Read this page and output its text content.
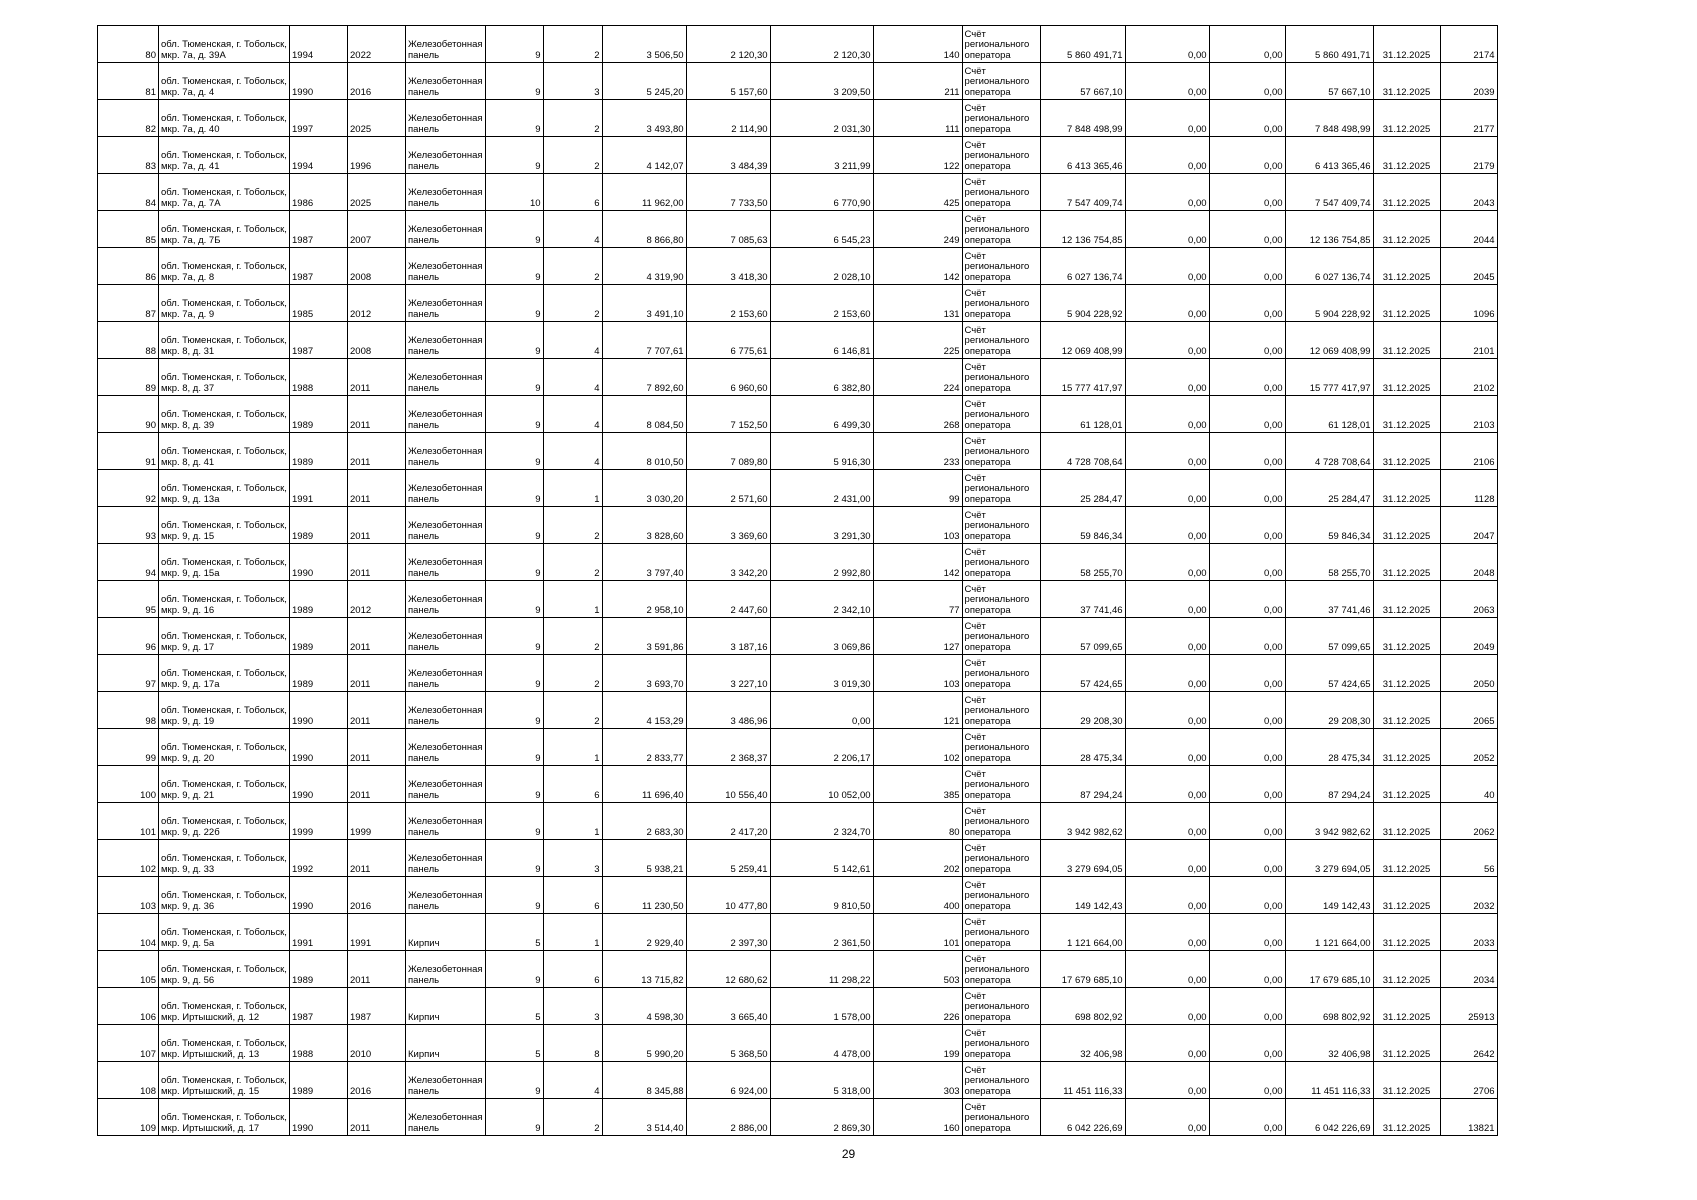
80	обл. Тюменская, г. Тобольск, мкр. 7а, д. 39А	1994	2022	Железобетонная панель	9	2	3 506,50	2 120,30	2 120,30	140	Счёт регионального оператора	5 860 491,71	0,00	0,00	5 860 491,71	31.12.2025	2174
81	обл. Тюменская, г. Тобольск, мкр. 7а, д. 4	1990	2016	Железобетонная панель	9	3	5 245,20	5 157,60	3 209,50	211	Счёт регионального оператора	57 667,10	0,00	0,00	57 667,10	31.12.2025	2039
82	обл. Тюменская, г. Тобольск, мкр. 7а, д. 40	1997	2025	Железобетонная панель	9	2	3 493,80	2 114,90	2 031,30	111	Счёт регионального оператора	7 848 498,99	0,00	0,00	7 848 498,99	31.12.2025	2177
83	обл. Тюменская, г. Тобольск, мкр. 7а, д. 41	1994	1996	Железобетонная панель	9	2	4 142,07	3 484,39	3 211,99	122	Счёт регионального оператора	6 413 365,46	0,00	0,00	6 413 365,46	31.12.2025	2179
84	обл. Тюменская, г. Тобольск, мкр. 7а, д. 7А	1986	2025	Железобетонная панель	10	6	11 962,00	7 733,50	6 770,90	425	Счёт регионального оператора	7 547 409,74	0,00	0,00	7 547 409,74	31.12.2025	2043
85	обл. Тюменская, г. Тобольск, мкр. 7а, д. 7Б	1987	2007	Железобетонная панель	9	4	8 866,80	7 085,63	6 545,23	249	Счёт регионального оператора	12 136 754,85	0,00	0,00	12 136 754,85	31.12.2025	2044
86	обл. Тюменская, г. Тобольск, мкр. 7а, д. 8	1987	2008	Железобетонная панель	9	2	4 319,90	3 418,30	2 028,10	142	Счёт регионального оператора	6 027 136,74	0,00	0,00	6 027 136,74	31.12.2025	2045
87	обл. Тюменская, г. Тобольск, мкр. 7а, д. 9	1985	2012	Железобетонная панель	9	2	3 491,10	2 153,60	2 153,60	131	Счёт регионального оператора	5 904 228,92	0,00	0,00	5 904 228,92	31.12.2025	1096
88	обл. Тюменская, г. Тобольск, мкр. 8, д. 31	1987	2008	Железобетонная панель	9	4	7 707,61	6 775,61	6 146,81	225	Счёт регионального оператора	12 069 408,99	0,00	0,00	12 069 408,99	31.12.2025	2101
89	обл. Тюменская, г. Тобольск, мкр. 8, д. 37	1988	2011	Железобетонная панель	9	4	7 892,60	6 960,60	6 382,80	224	Счёт регионального оператора	15 777 417,97	0,00	0,00	15 777 417,97	31.12.2025	2102
90	обл. Тюменская, г. Тобольск, мкр. 8, д. 39	1989	2011	Железобетонная панель	9	4	8 084,50	7 152,50	6 499,30	268	Счёт регионального оператора	61 128,01	0,00	0,00	61 128,01	31.12.2025	2103
91	обл. Тюменская, г. Тобольск, мкр. 8, д. 41	1989	2011	Железобетонная панель	9	4	8 010,50	7 089,80	5 916,30	233	Счёт регионального оператора	4 728 708,64	0,00	0,00	4 728 708,64	31.12.2025	2106
92	обл. Тюменская, г. Тобольск, мкр. 9, д. 13а	1991	2011	Железобетонная панель	9	1	3 030,20	2 571,60	2 431,00	99	Счёт регионального оператора	25 284,47	0,00	0,00	25 284,47	31.12.2025	1128
93	обл. Тюменская, г. Тобольск, мкр. 9, д. 15	1989	2011	Железобетонная панель	9	2	3 828,60	3 369,60	3 291,30	103	Счёт регионального оператора	59 846,34	0,00	0,00	59 846,34	31.12.2025	2047
94	обл. Тюменская, г. Тобольск, мкр. 9, д. 15а	1990	2011	Железобетонная панель	9	2	3 797,40	3 342,20	2 992,80	142	Счёт регионального оператора	58 255,70	0,00	0,00	58 255,70	31.12.2025	2048
95	обл. Тюменская, г. Тобольск, мкр. 9, д. 16	1989	2012	Железобетонная панель	9	1	2 958,10	2 447,60	2 342,10	77	Счёт регионального оператора	37 741,46	0,00	0,00	37 741,46	31.12.2025	2063
96	обл. Тюменская, г. Тобольск, мкр. 9, д. 17	1989	2011	Железобетонная панель	9	2	3 591,86	3 187,16	3 069,86	127	Счёт регионального оператора	57 099,65	0,00	0,00	57 099,65	31.12.2025	2049
97	обл. Тюменская, г. Тобольск, мкр. 9, д. 17а	1989	2011	Железобетонная панель	9	2	3 693,70	3 227,10	3 019,30	103	Счёт регионального оператора	57 424,65	0,00	0,00	57 424,65	31.12.2025	2050
98	обл. Тюменская, г. Тобольск, мкр. 9, д. 19	1990	2011	Железобетонная панель	9	2	4 153,29	3 486,96	0,00	121	Счёт регионального оператора	29 208,30	0,00	0,00	29 208,30	31.12.2025	2065
99	обл. Тюменская, г. Тобольск, мкр. 9, д. 20	1990	2011	Железобетонная панель	9	1	2 833,77	2 368,37	2 206,17	102	Счёт регионального оператора	28 475,34	0,00	0,00	28 475,34	31.12.2025	2052
100	обл. Тюменская, г. Тобольск, мкр. 9, д. 21	1990	2011	Железобетонная панель	9	6	11 696,40	10 556,40	10 052,00	385	Счёт регионального оператора	87 294,24	0,00	0,00	87 294,24	31.12.2025	40
101	обл. Тюменская, г. Тобольск, мкр. 9, д. 22б	1999	1999	Железобетонная панель	9	1	2 683,30	2 417,20	2 324,70	80	Счёт регионального оператора	3 942 982,62	0,00	0,00	3 942 982,62	31.12.2025	2062
102	обл. Тюменская, г. Тобольск, мкр. 9, д. 33	1992	2011	Железобетонная панель	9	3	5 938,21	5 259,41	5 142,61	202	Счёт регионального оператора	3 279 694,05	0,00	0,00	3 279 694,05	31.12.2025	56
103	обл. Тюменская, г. Тобольск, мкр. 9, д. 36	1990	2016	Железобетонная панель	9	6	11 230,50	10 477,80	9 810,50	400	Счёт регионального оператора	149 142,43	0,00	0,00	149 142,43	31.12.2025	2032
104	обл. Тюменская, г. Тобольск, мкр. 9, д. 5а	1991	1991	Кирпич	5	1	2 929,40	2 397,30	2 361,50	101	Счёт регионального оператора	1 121 664,00	0,00	0,00	1 121 664,00	31.12.2025	2033
105	обл. Тюменская, г. Тобольск, мкр. 9, д. 56	1989	2011	Железобетонная панель	9	6	13 715,82	12 680,62	11 298,22	503	Счёт регионального оператора	17 679 685,10	0,00	0,00	17 679 685,10	31.12.2025	2034
106	обл. Тюменская, г. Тобольск, мкр. Иртышский, д. 12	1987	1987	Кирпич	5	3	4 598,30	3 665,40	1 578,00	226	Счёт регионального оператора	698 802,92	0,00	0,00	698 802,92	31.12.2025	25913
107	обл. Тюменская, г. Тобольск, мкр. Иртышский, д. 13	1988	2010	Кирпич	5	8	5 990,20	5 368,50	4 478,00	199	Счёт регионального оператора	32 406,98	0,00	0,00	32 406,98	31.12.2025	2642
108	обл. Тюменская, г. Тобольск, мкр. Иртышский, д. 15	1989	2016	Железобетонная панель	9	4	8 345,88	6 924,00	5 318,00	303	Счёт регионального оператора	11 451 116,33	0,00	0,00	11 451 116,33	31.12.2025	2706
109	обл. Тюменская, г. Тобольск, мкр. Иртышский, д. 17	1990	2011	Железобетонная панель	9	2	3 514,40	2 886,00	2 869,30	160	Счёт регионального оператора	6 042 226,69	0,00	0,00	6 042 226,69	31.12.2025	13821
29
